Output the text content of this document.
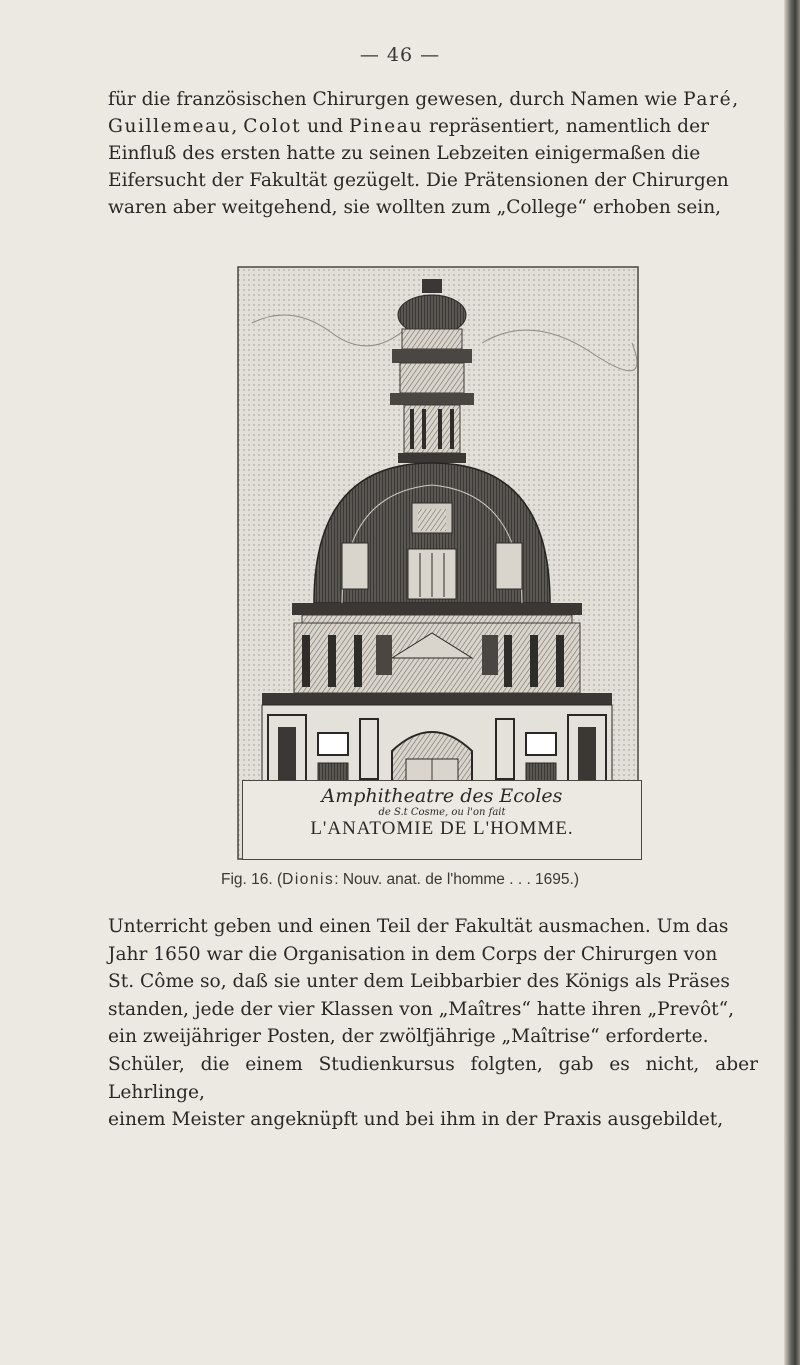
— 46 —

für die französischen Chirurgen gewesen, durch Namen wie Paré,

Guillemeau, Colot und Pineau repräsentiert, namentlich der

Einfluß des ersten hatte zu seinen Lebzeiten einigermaßen die

Eifersucht der Fakultät gezügelt. Die Prätensionen der Chirurgen

waren aber weitgehend, sie wollten zum „College“ erhoben sein,

Amphitheatre des Ecoles
de S.t Cosme, ou l'on fait
L'ANATOMIE DE L'HOMME.
Fig. 16. (Dionis: Nouv. anat. de l'homme . . . 1695.)

Unterricht geben und einen Teil der Fakultät ausmachen. Um das

Jahr 1650 war die Organisation in dem Corps der Chirurgen von

St. Côme so, daß sie unter dem Leibbarbier des Königs als Präses

standen, jede der vier Klassen von „Maîtres“ hatte ihren „Prevôt“,

ein zweijähriger Posten, der zwölfjährige „Maîtrise“ erforderte.

Schüler, die einem Studienkursus folgten, gab es nicht, aber Lehrlinge,

einem Meister angeknüpft und bei ihm in der Praxis ausgebildet,
